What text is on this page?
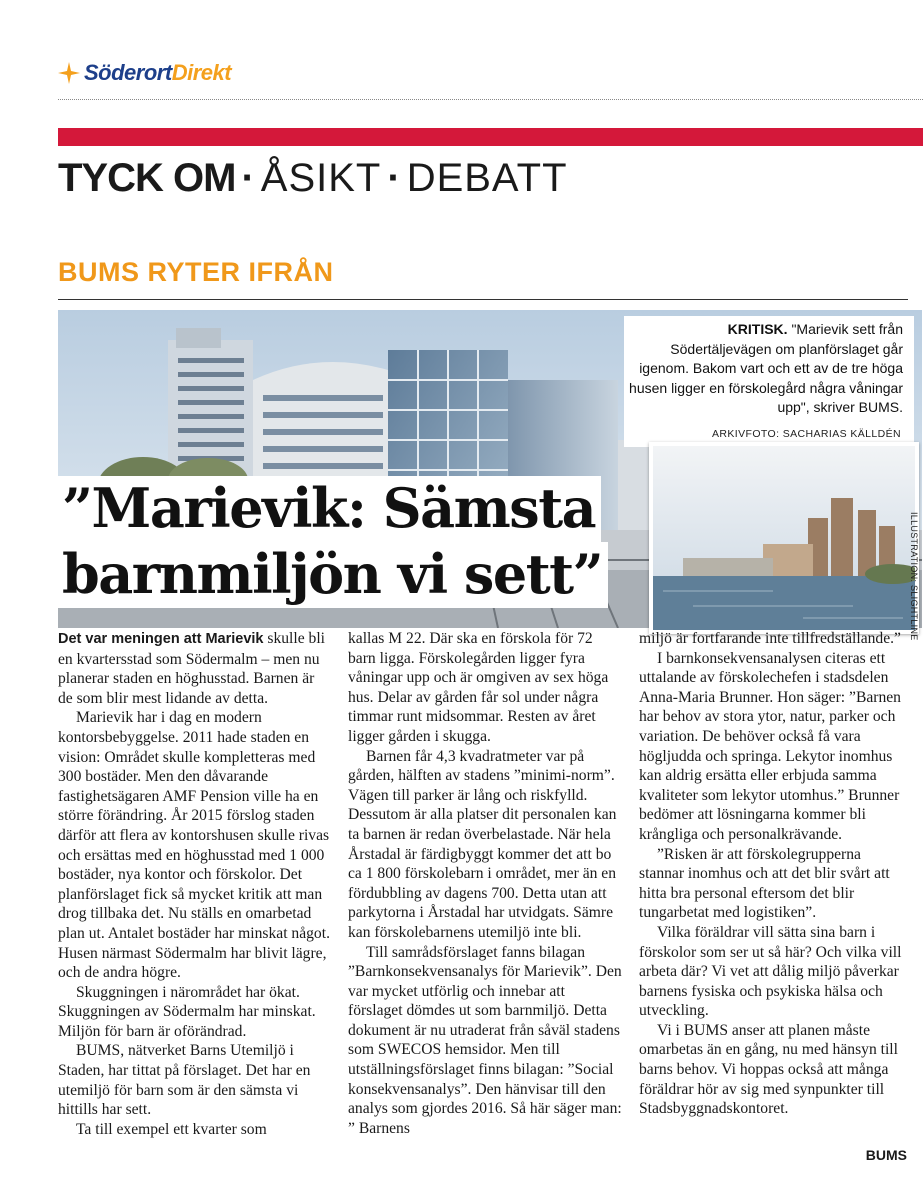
SöderortDirekt
TYCK OM · ÅSIKT · DEBATT
BUMS RYTER IFRÅN
KRITISK. "Marievik sett från Södertäljevägen om planförslaget går igenom. Bakom vart och ett av de tre höga husen ligger en förskolegård några våningar upp", skriver BUMS.
ARKIVFOTO: SACHARIAS KÄLLDÉN
ILLUSTRATION: SLIGHTLINE
”Marievik: Sämsta
barnmiljön vi sett”

Det var meningen att Marievik skulle bli en kvartersstad som Södermalm – men nu planerar staden en höghusstad. Barnen är de som blir mest lidande av detta.

Marievik har i dag en modern kontorsbebyggelse. 2011 hade staden en vision: Området skulle kompletteras med 300 bostäder. Men den dåvarande fastighetsägaren AMF Pension ville ha en större förändring. År 2015 förslog staden därför att flera av kontorshusen skulle rivas och ersättas med en höghusstad med 1 000 bostäder, nya kontor och förskolor. Det planförslaget fick så mycket kritik att man drog tillbaka det. Nu ställs en omarbetad plan ut. Antalet bostäder har minskat något. Husen närmast Södermalm har blivit lägre, och de andra högre.

Skuggningen i närområdet har ökat. Skuggningen av Södermalm har minskat. Miljön för barn är oförändrad.

BUMS, nätverket Barns Utemiljö i Staden, har tittat på förslaget. Det har en utemiljö för barn som är den sämsta vi hittills har sett.

Ta till exempel ett kvarter som

kallas M 22. Där ska en förskola för 72 barn ligga. Förskolegården ligger fyra våningar upp och är omgiven av sex höga hus. Delar av gården får sol under några timmar runt midsommar. Resten av året ligger gården i skugga.

Barnen får 4,3 kvadratmeter var på gården, hälften av stadens ”minimi-norm”. Vägen till parker är lång och riskfylld. Dessutom är alla platser dit personalen kan ta barnen är redan överbelastade. När hela Årstadal är färdigbyggt kommer det att bo ca 1 800 förskolebarn i området, mer än en fördubbling av dagens 700. Detta utan att parkytorna i Årstadal har utvidgats. Sämre kan förskolebarnens utemiljö inte bli.

Till samrådsförslaget fanns bilagan ”Barnkonsekvensanalys för Marievik”. Den var mycket utförlig och innebar att förslaget dömdes ut som barnmiljö. Detta dokument är nu utraderat från såväl stadens som SWECOS hemsidor. Men till utställningsförslaget finns bilagan: ”Social konsekvensanalys”. Den hänvisar till den analys som gjordes 2016. Så här säger man: ” Barnens

miljö är fortfarande inte tillfredställande.”

I barnkonsekvensanalysen citeras ett uttalande av förskolechefen i stadsdelen Anna-Maria Brunner. Hon säger: ”Barnen har behov av stora ytor, natur, parker och variation. De behöver också få vara högljudda och springa. Lekytor inomhus kan aldrig ersätta eller erbjuda samma kvaliteter som lekytor utomhus.” Brunner bedömer att lösningarna kommer bli krångliga och personalkrävande.

”Risken är att förskolegrupperna stannar inomhus och att det blir svårt att hitta bra personal eftersom det blir tungarbetat med logistiken”.

Vilka föräldrar vill sätta sina barn i förskolor som ser ut så här? Och vilka vill arbeta där? Vi vet att dålig miljö påverkar barnens fysiska och psykiska hälsa och utveckling.

Vi i BUMS anser att planen måste omarbetas än en gång, nu med hänsyn till barns behov. Vi hoppas också att många föräldrar hör av sig med synpunkter till Stadsbyggnadskontoret.

BUMS
